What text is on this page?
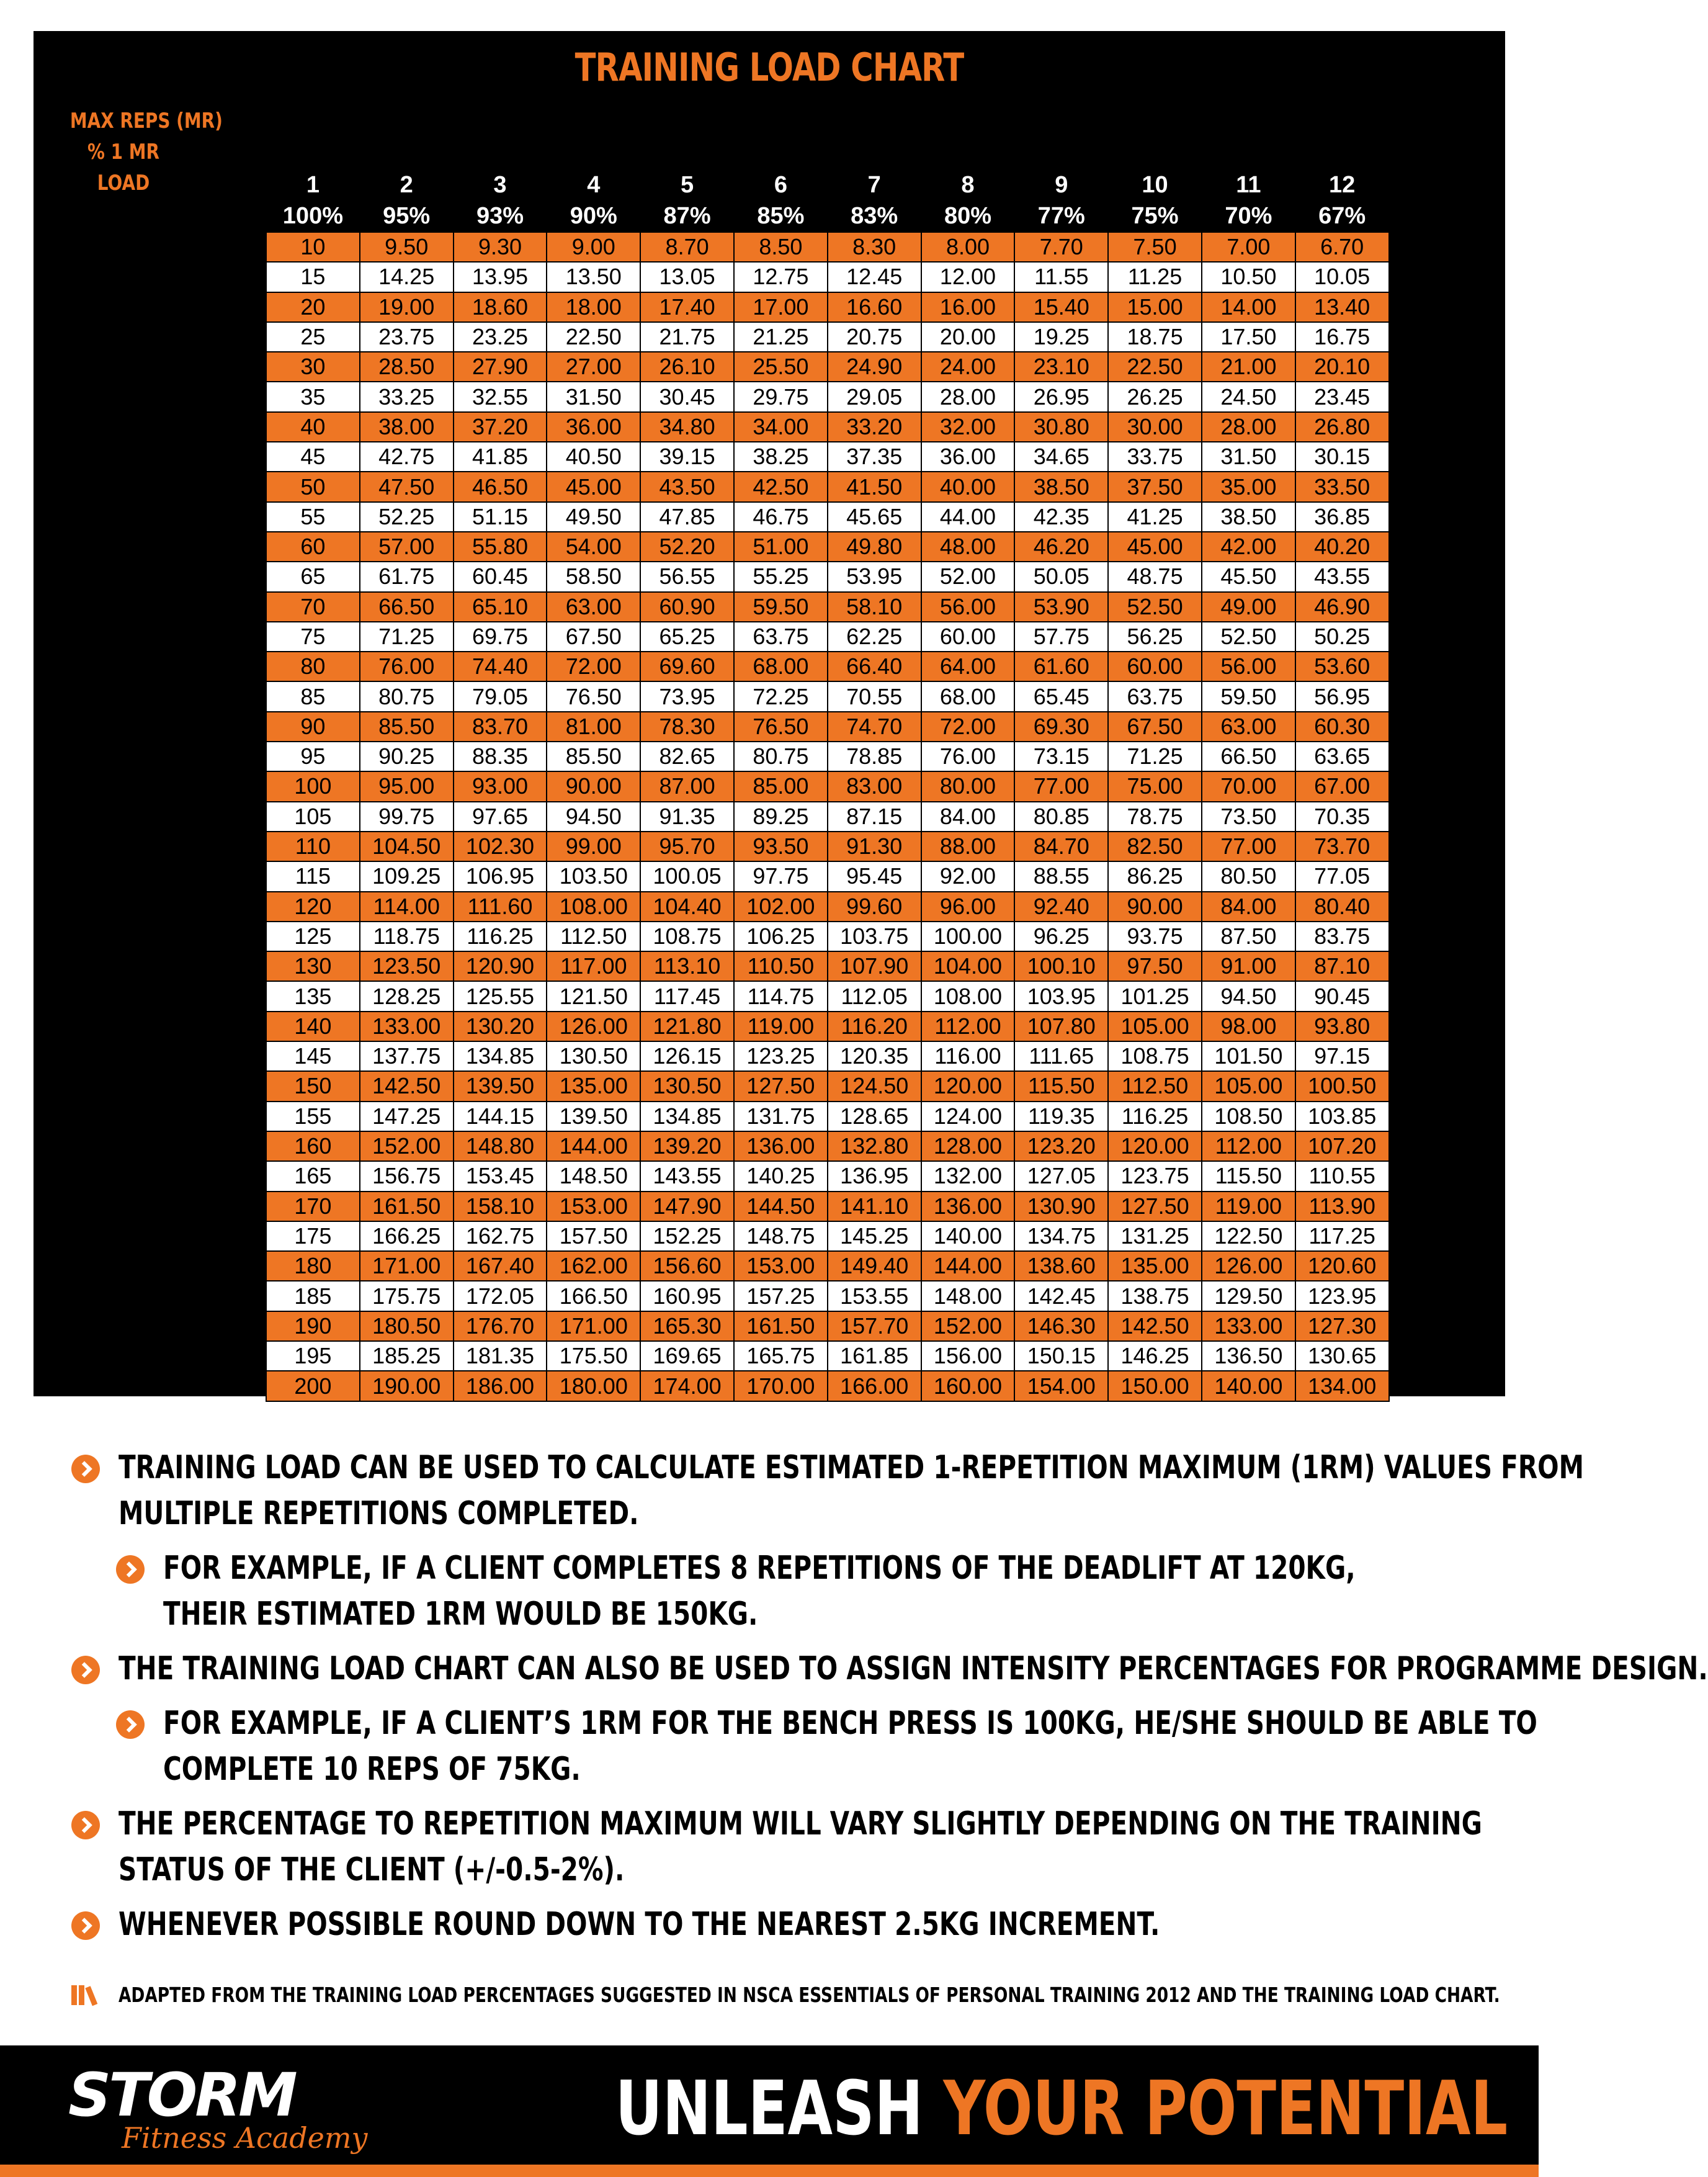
TRAINING LOAD CHART
MAX REPS (MR)
% 1 MR
LOAD	1	2	3	4	5	6	7	8	9	10	11	12
100%	95%	93%	90%	87%	85%	83%	80%	77%	75%	70%	67%
10	9.50	9.30	9.00	8.70	8.50	8.30	8.00	7.70	7.50	7.00	6.70
15	14.25	13.95	13.50	13.05	12.75	12.45	12.00	11.55	11.25	10.50	10.05
20	19.00	18.60	18.00	17.40	17.00	16.60	16.00	15.40	15.00	14.00	13.40
25	23.75	23.25	22.50	21.75	21.25	20.75	20.00	19.25	18.75	17.50	16.75
30	28.50	27.90	27.00	26.10	25.50	24.90	24.00	23.10	22.50	21.00	20.10
35	33.25	32.55	31.50	30.45	29.75	29.05	28.00	26.95	26.25	24.50	23.45
40	38.00	37.20	36.00	34.80	34.00	33.20	32.00	30.80	30.00	28.00	26.80
45	42.75	41.85	40.50	39.15	38.25	37.35	36.00	34.65	33.75	31.50	30.15
50	47.50	46.50	45.00	43.50	42.50	41.50	40.00	38.50	37.50	35.00	33.50
55	52.25	51.15	49.50	47.85	46.75	45.65	44.00	42.35	41.25	38.50	36.85
60	57.00	55.80	54.00	52.20	51.00	49.80	48.00	46.20	45.00	42.00	40.20
65	61.75	60.45	58.50	56.55	55.25	53.95	52.00	50.05	48.75	45.50	43.55
70	66.50	65.10	63.00	60.90	59.50	58.10	56.00	53.90	52.50	49.00	46.90
75	71.25	69.75	67.50	65.25	63.75	62.25	60.00	57.75	56.25	52.50	50.25
80	76.00	74.40	72.00	69.60	68.00	66.40	64.00	61.60	60.00	56.00	53.60
85	80.75	79.05	76.50	73.95	72.25	70.55	68.00	65.45	63.75	59.50	56.95
90	85.50	83.70	81.00	78.30	76.50	74.70	72.00	69.30	67.50	63.00	60.30
95	90.25	88.35	85.50	82.65	80.75	78.85	76.00	73.15	71.25	66.50	63.65
100	95.00	93.00	90.00	87.00	85.00	83.00	80.00	77.00	75.00	70.00	67.00
105	99.75	97.65	94.50	91.35	89.25	87.15	84.00	80.85	78.75	73.50	70.35
110	104.50	102.30	99.00	95.70	93.50	91.30	88.00	84.70	82.50	77.00	73.70
115	109.25	106.95	103.50	100.05	97.75	95.45	92.00	88.55	86.25	80.50	77.05
120	114.00	111.60	108.00	104.40	102.00	99.60	96.00	92.40	90.00	84.00	80.40
125	118.75	116.25	112.50	108.75	106.25	103.75	100.00	96.25	93.75	87.50	83.75
130	123.50	120.90	117.00	113.10	110.50	107.90	104.00	100.10	97.50	91.00	87.10
135	128.25	125.55	121.50	117.45	114.75	112.05	108.00	103.95	101.25	94.50	90.45
140	133.00	130.20	126.00	121.80	119.00	116.20	112.00	107.80	105.00	98.00	93.80
145	137.75	134.85	130.50	126.15	123.25	120.35	116.00	111.65	108.75	101.50	97.15
150	142.50	139.50	135.00	130.50	127.50	124.50	120.00	115.50	112.50	105.00	100.50
155	147.25	144.15	139.50	134.85	131.75	128.65	124.00	119.35	116.25	108.50	103.85
160	152.00	148.80	144.00	139.20	136.00	132.80	128.00	123.20	120.00	112.00	107.20
165	156.75	153.45	148.50	143.55	140.25	136.95	132.00	127.05	123.75	115.50	110.55
170	161.50	158.10	153.00	147.90	144.50	141.10	136.00	130.90	127.50	119.00	113.90
175	166.25	162.75	157.50	152.25	148.75	145.25	140.00	134.75	131.25	122.50	117.25
180	171.00	167.40	162.00	156.60	153.00	149.40	144.00	138.60	135.00	126.00	120.60
185	175.75	172.05	166.50	160.95	157.25	153.55	148.00	142.45	138.75	129.50	123.95
190	180.50	176.70	171.00	165.30	161.50	157.70	152.00	146.30	142.50	133.00	127.30
195	185.25	181.35	175.50	169.65	165.75	161.85	156.00	150.15	146.25	136.50	130.65
200	190.00	186.00	180.00	174.00	170.00	166.00	160.00	154.00	150.00	140.00	134.00
TRAINING LOAD CAN BE USED TO CALCULATE ESTIMATED 1-REPETITION MAXIMUM (1RM) VALUES FROM
MULTIPLE REPETITIONS COMPLETED.
FOR EXAMPLE, IF A CLIENT COMPLETES 8 REPETITIONS OF THE DEADLIFT AT 120KG,
THEIR ESTIMATED 1RM WOULD BE 150KG.
THE TRAINING LOAD CHART CAN ALSO BE USED TO ASSIGN INTENSITY PERCENTAGES FOR PROGRAMME DESIGN.
FOR EXAMPLE, IF A CLIENT’S 1RM FOR THE BENCH PRESS IS 100KG, HE/SHE SHOULD BE ABLE TO
COMPLETE 10 REPS OF 75KG.
THE PERCENTAGE TO REPETITION MAXIMUM WILL VARY SLIGHTLY DEPENDING ON THE TRAINING
STATUS OF THE CLIENT (+/-0.5-2%).
WHENEVER POSSIBLE ROUND DOWN TO THE NEAREST 2.5KG INCREMENT.
ADAPTED FROM THE TRAINING LOAD PERCENTAGES SUGGESTED IN NSCA ESSENTIALS OF PERSONAL TRAINING 2012 AND THE TRAINING LOAD CHART.
STORM
Fitness Academy	UNLEASH YOUR POTENTIAL
